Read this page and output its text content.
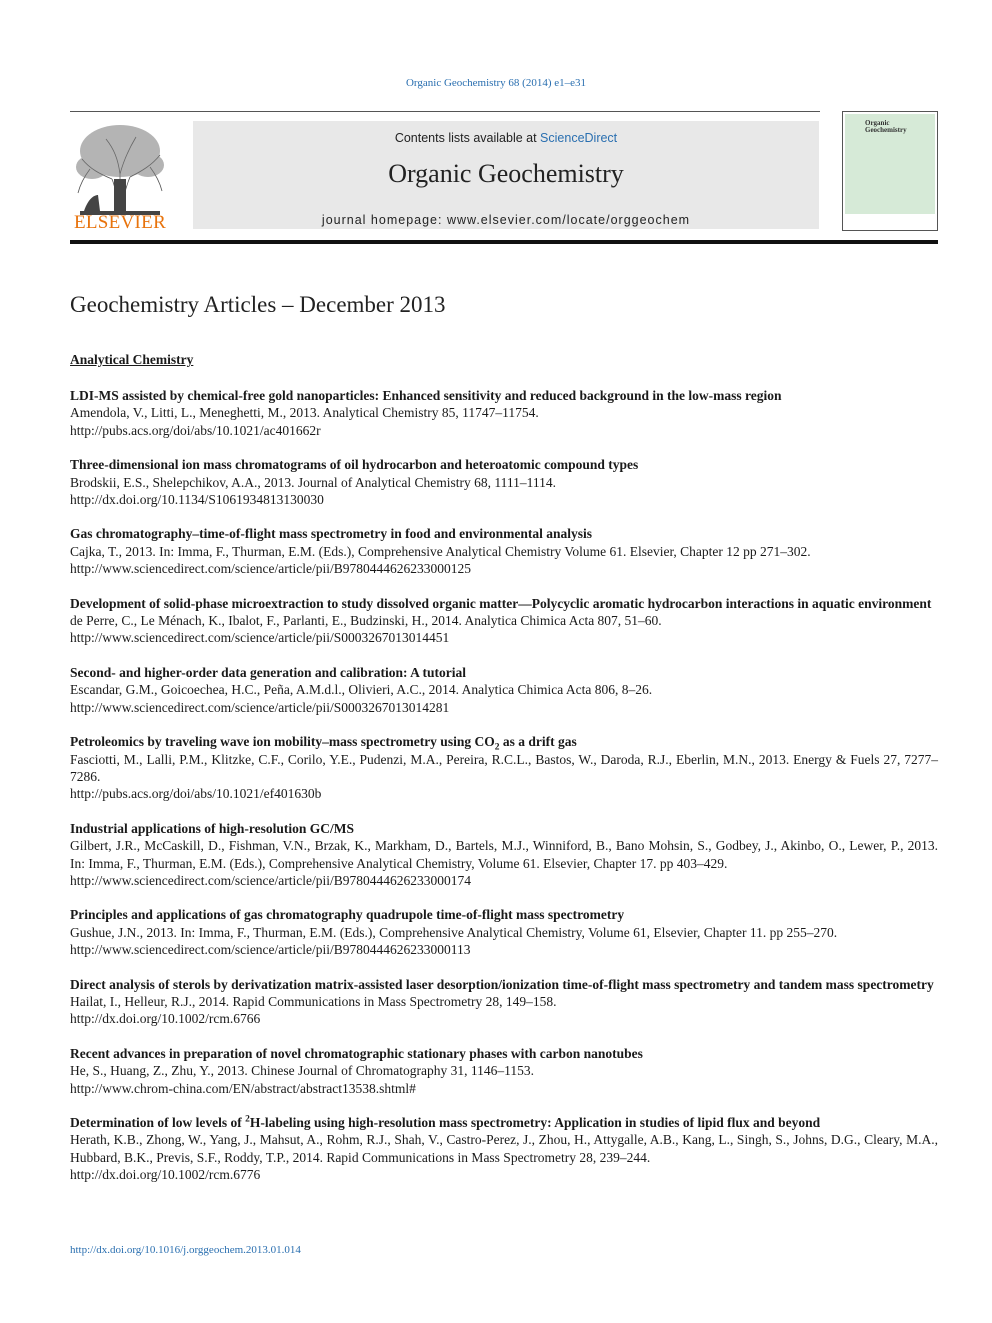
Organic Geochemistry 68 (2014) e1–e31
ELSEVIER
Contents lists available at ScienceDirect
Organic Geochemistry
journal homepage: www.elsevier.com/locate/orggeochem
Organic
Geochemistry
Geochemistry Articles – December 2013
Analytical Chemistry
LDI-MS assisted by chemical-free gold nanoparticles: Enhanced sensitivity and reduced background in the low-mass region
Amendola, V., Litti, L., Meneghetti, M., 2013. Analytical Chemistry 85, 11747–11754.
http://pubs.acs.org/doi/abs/10.1021/ac401662r
Three-dimensional ion mass chromatograms of oil hydrocarbon and heteroatomic compound types
Brodskii, E.S., Shelepchikov, A.A., 2013. Journal of Analytical Chemistry 68, 1111–1114.
http://dx.doi.org/10.1134/S1061934813130030
Gas chromatography–time-of-flight mass spectrometry in food and environmental analysis
Cajka, T., 2013. In: Imma, F., Thurman, E.M. (Eds.), Comprehensive Analytical Chemistry Volume 61. Elsevier, Chapter 12 pp 271–302.
http://www.sciencedirect.com/science/article/pii/B9780444626233000125
Development of solid-phase microextraction to study dissolved organic matter—Polycyclic aromatic hydrocarbon interactions in aquatic environment
de Perre, C., Le Ménach, K., Ibalot, F., Parlanti, E., Budzinski, H., 2014. Analytica Chimica Acta 807, 51–60.
http://www.sciencedirect.com/science/article/pii/S0003267013014451
Second- and higher-order data generation and calibration: A tutorial
Escandar, G.M., Goicoechea, H.C., Peña, A.M.d.l., Olivieri, A.C., 2014. Analytica Chimica Acta 806, 8–26.
http://www.sciencedirect.com/science/article/pii/S0003267013014281
Petroleomics by traveling wave ion mobility–mass spectrometry using $CO_2$ as a drift gas
Fasciotti, M., Lalli, P.M., Klitzke, C.F., Corilo, Y.E., Pudenzi, M.A., Pereira, R.C.L., Bastos, W., Daroda, R.J., Eberlin, M.N., 2013. Energy & Fuels 27, 7277–7286.
http://pubs.acs.org/doi/abs/10.1021/ef401630b
Industrial applications of high-resolution GC/MS
Gilbert, J.R., McCaskill, D., Fishman, V.N., Brzak, K., Markham, D., Bartels, M.J., Winniford, B., Bano Mohsin, S., Godbey, J., Akinbo, O., Lewer, P., 2013. In: Imma, F., Thurman, E.M. (Eds.), Comprehensive Analytical Chemistry, Volume 61. Elsevier, Chapter 17. pp 403–429.
http://www.sciencedirect.com/science/article/pii/B9780444626233000174
Principles and applications of gas chromatography quadrupole time-of-flight mass spectrometry
Gushue, J.N., 2013. In: Imma, F., Thurman, E.M. (Eds.), Comprehensive Analytical Chemistry, Volume 61, Elsevier, Chapter 11. pp 255–270.
http://www.sciencedirect.com/science/article/pii/B9780444626233000113
Direct analysis of sterols by derivatization matrix-assisted laser desorption/ionization time-of-flight mass spectrometry and tandem mass spectrometry
Hailat, I., Helleur, R.J., 2014. Rapid Communications in Mass Spectrometry 28, 149–158.
http://dx.doi.org/10.1002/rcm.6766
Recent advances in preparation of novel chromatographic stationary phases with carbon nanotubes
He, S., Huang, Z., Zhu, Y., 2013. Chinese Journal of Chromatography 31, 1146–1153.
http://www.chrom-china.com/EN/abstract/abstract13538.shtml#
Determination of low levels of $^2$H-labeling using high-resolution mass spectrometry: Application in studies of lipid flux and beyond
Herath, K.B., Zhong, W., Yang, J., Mahsut, A., Rohm, R.J., Shah, V., Castro-Perez, J., Zhou, H., Attygalle, A.B., Kang, L., Singh, S., Johns, D.G., Cleary, M.A., Hubbard, B.K., Previs, S.F., Roddy, T.P., 2014. Rapid Communications in Mass Spectrometry 28, 239–244.
http://dx.doi.org/10.1002/rcm.6776
http://dx.doi.org/10.1016/j.orggeochem.2013.01.014
